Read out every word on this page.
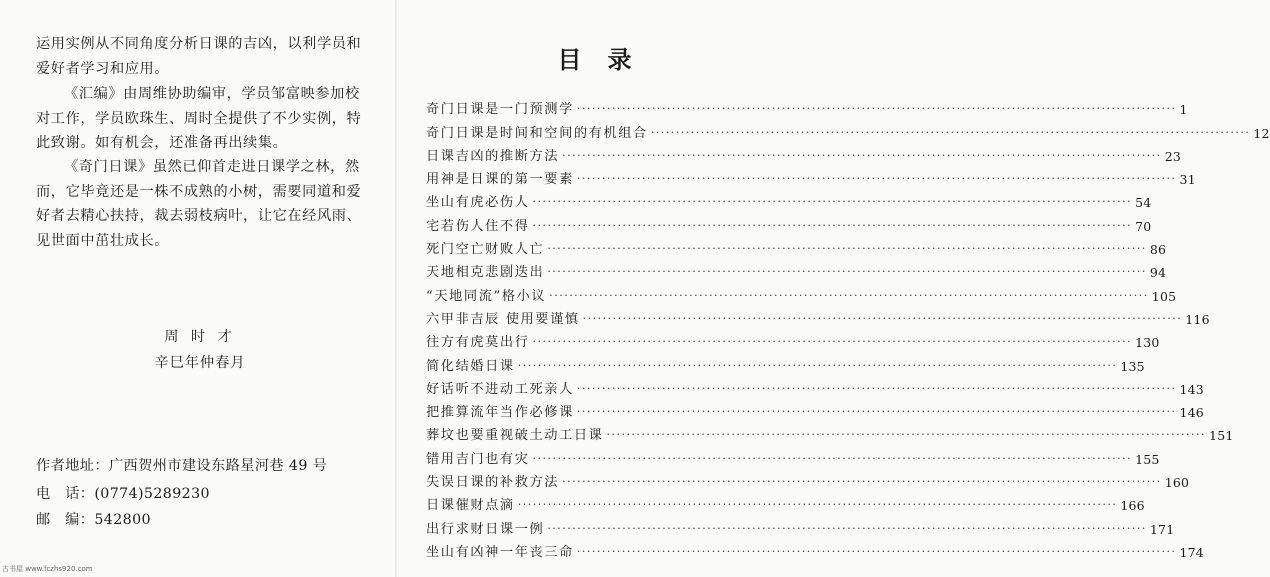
运用实例从不同角度分析日课的吉凶，以利学员和爱好者学习和应用。

《汇编》由周维协助编审，学员邹富映参加校对工作，学员欧珠生、周时全提供了不少实例，特此致谢。如有机会，还准备再出续集。

《奇门日课》虽然已仰首走进日课学之林，然而，它毕竟还是一株不成熟的小树，需要同道和爱好者去精心扶持，裁去弱枝病叶，让它在经风雨、见世面中茁壮成长。

周 时 才
辛巳年仲春月
作者地址：广西贺州市建设东路星河巷 49 号
电　话：(0774)5289230
邮　编：542800
古书屋 www.fczhs920.com
目录
奇门日课是一门预测学 ························································································································ 1
奇门日课是时间和空间的有机组合 ························································································································ 12
日课吉凶的推断方法 ························································································································ 23
用神是日课的第一要素 ························································································································ 31
坐山有虎必伤人 ························································································································ 54
宅若伤人住不得 ························································································································ 70
死门空亡财败人亡 ························································································································ 86
天地相克悲剧迭出 ························································································································ 94
“天地同流”格小议 ························································································································ 105
六甲非吉辰 使用要谨慎 ························································································································ 116
往方有虎莫出行 ························································································································ 130
简化结婚日课 ························································································································ 135
好话听不进动工死亲人 ························································································································ 143
把推算流年当作必修课 ························································································································ 146
葬坟也要重视破土动工日课 ························································································································ 151
错用吉门也有灾 ························································································································ 155
失误日课的补救方法 ························································································································ 160
日课催财点滴 ························································································································ 166
出行求财日课一例 ························································································································ 171
坐山有凶神一年丧三命 ························································································································ 174
